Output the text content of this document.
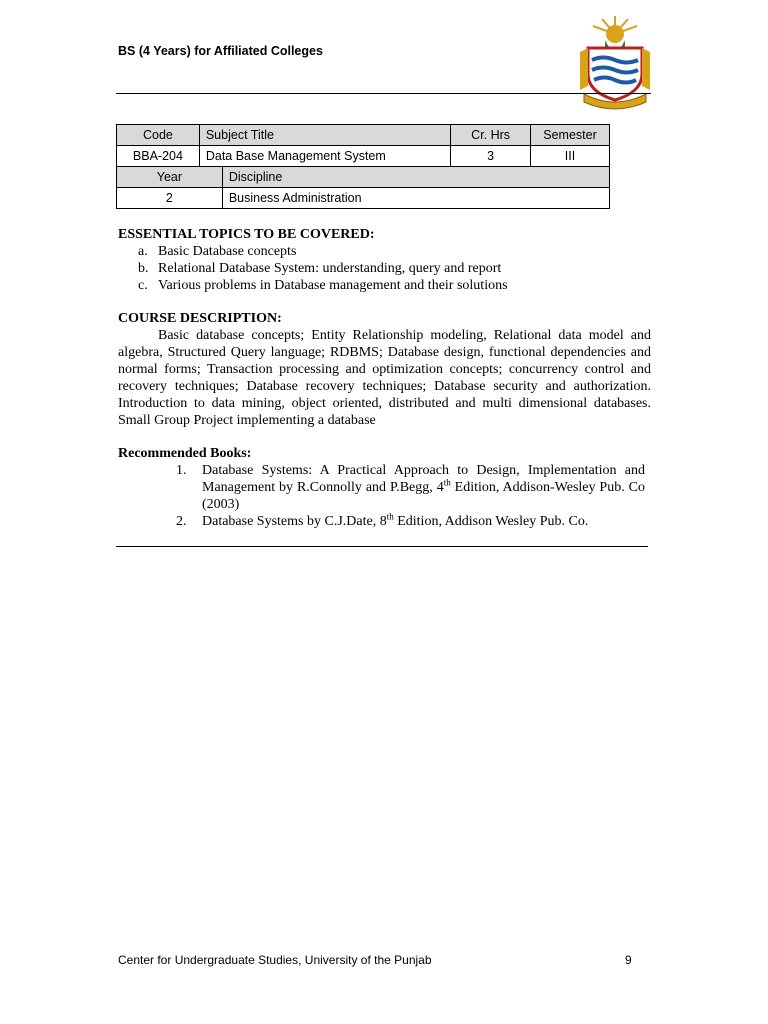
BS (4 Years) for Affiliated Colleges
Code	Subject Title	Cr. Hrs	Semester
BBA-204	Data Base Management System	3	III
Year	Discipline
2	Business Administration

ESSENTIAL TOPICS TO BE COVERED:

a. Basic Database concepts
b. Relational Database System: understanding, query and report
c. Various problems in Database management and their solutions

COURSE DESCRIPTION:

Basic database concepts; Entity Relationship modeling, Relational data model and algebra, Structured Query language; RDBMS; Database design, functional dependencies and normal forms; Transaction processing and optimization concepts; concurrency control and recovery techniques; Database recovery techniques; Database security and authorization. Introduction to data mining, object oriented, distributed and multi dimensional databases. Small Group Project implementing a database

Recommended Books:

1. Database Systems: A Practical Approach to Design, Implementation and Management by R.Connolly and P.Begg, 4th Edition, Addison-Wesley Pub. Co (2003)
2. Database Systems by C.J.Date, 8th Edition, Addison Wesley Pub. Co.
Center for Undergraduate Studies, University of the Punjab	9
